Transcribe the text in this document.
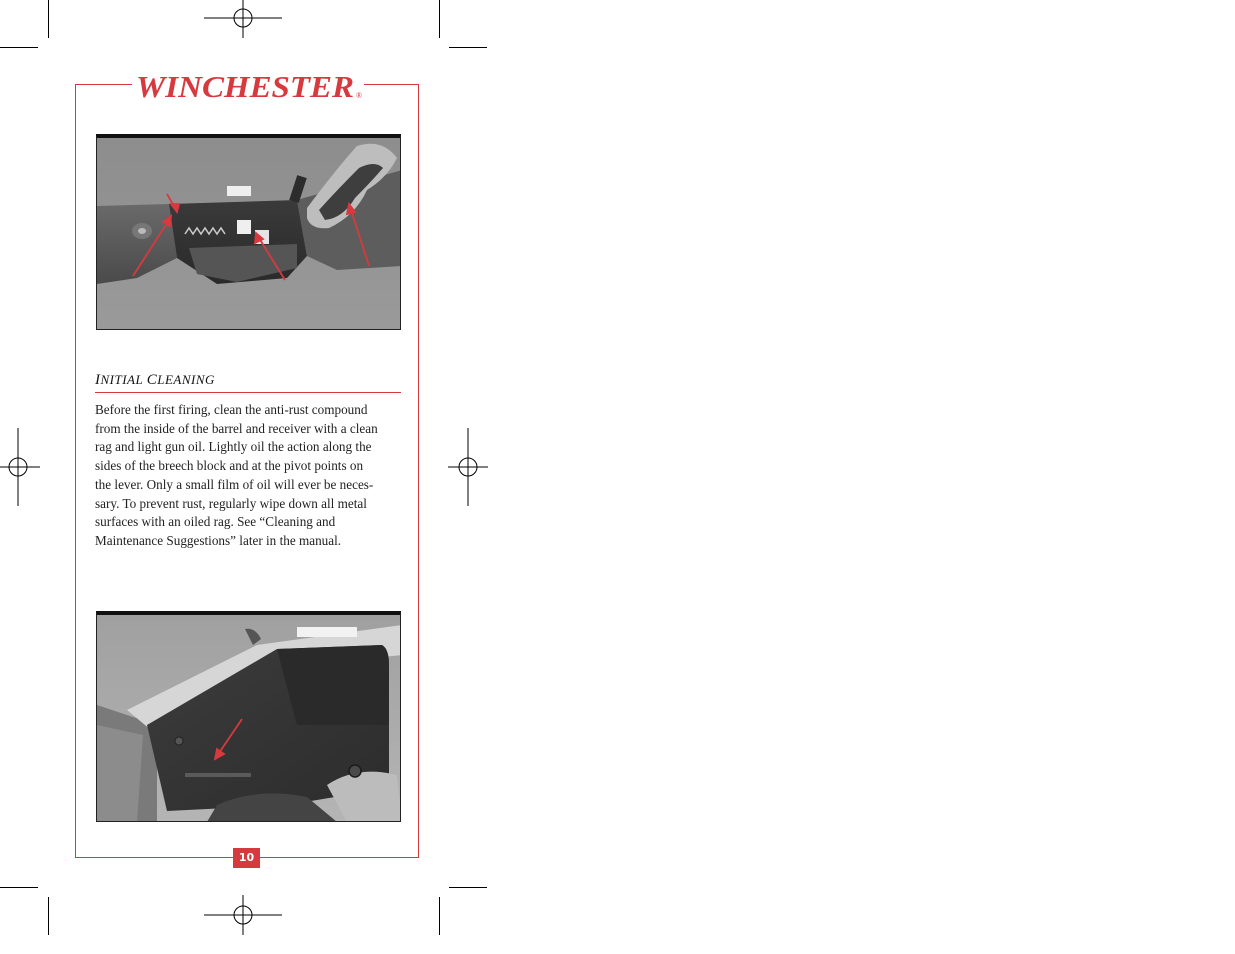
WINCHESTER ®
INITIAL CLEANING

Before the first firing, clean the anti-rust compound

from the inside of the barrel and receiver with a clean

rag and light gun oil. Lightly oil the action along the

sides of the breech block and at the pivot points on

the lever. Only a small film of oil will ever be neces-

sary. To prevent rust, regularly wipe down all metal

surfaces with an oiled rag. See “Cleaning and

Maintenance Suggestions” later in the manual.

10
